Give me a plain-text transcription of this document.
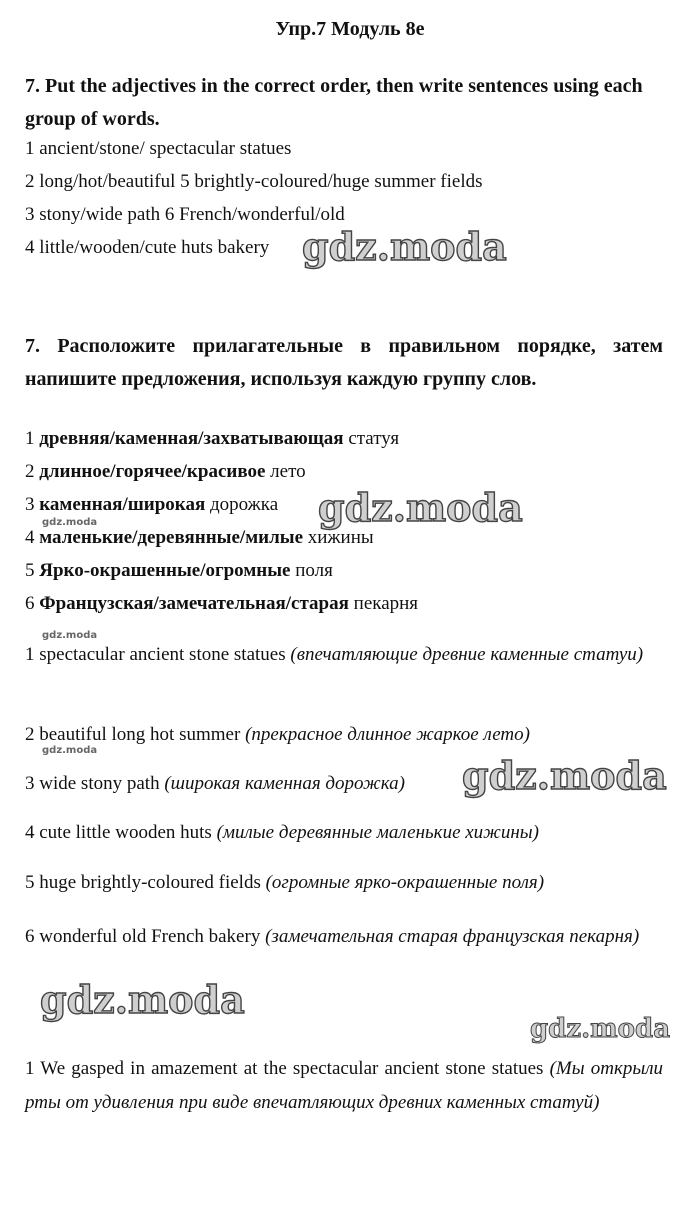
Упр.7 Модуль 8е
7. Put the adjectives in the correct order, then write sentences using each group of words.
1 ancient/stone/ spectacular statues
2 long/hot/beautiful 5 brightly-coloured/huge summer fields
3 stony/wide path 6 French/wonderful/old
4 little/wooden/cute huts bakery
7. Расположите прилагательные в правильном порядке, затем напишите предложения, используя каждую группу слов.
1 древняя/каменная/захватывающая статуя
2 длинное/горячее/красивое лето
3 каменная/широкая дорожка
4 маленькие/деревянные/милые хижины
5 Ярко-окрашенные/огромные поля
6 Французская/замечательная/старая пекарня
1 spectacular ancient stone statues (впечатляющие древние каменные статуи)
2 beautiful long hot summer (прекрасное длинное жаркое лето)
3 wide stony path (широкая каменная дорожка)
4 cute little wooden huts (милые деревянные маленькие хижины)
5 huge brightly-coloured fields (огромные ярко-окрашенные поля)
6 wonderful old French bakery (замечательная старая французская пекарня)
1 We gasped in amazement at the spectacular ancient stone statues (Мы открыли рты от удивления при виде впечатляющих древних каменных статуй)
gdz.moda
gdz.moda
gdz.moda
gdz.moda
gdz.moda
gdz.moda
gdz.moda
gdz.moda
